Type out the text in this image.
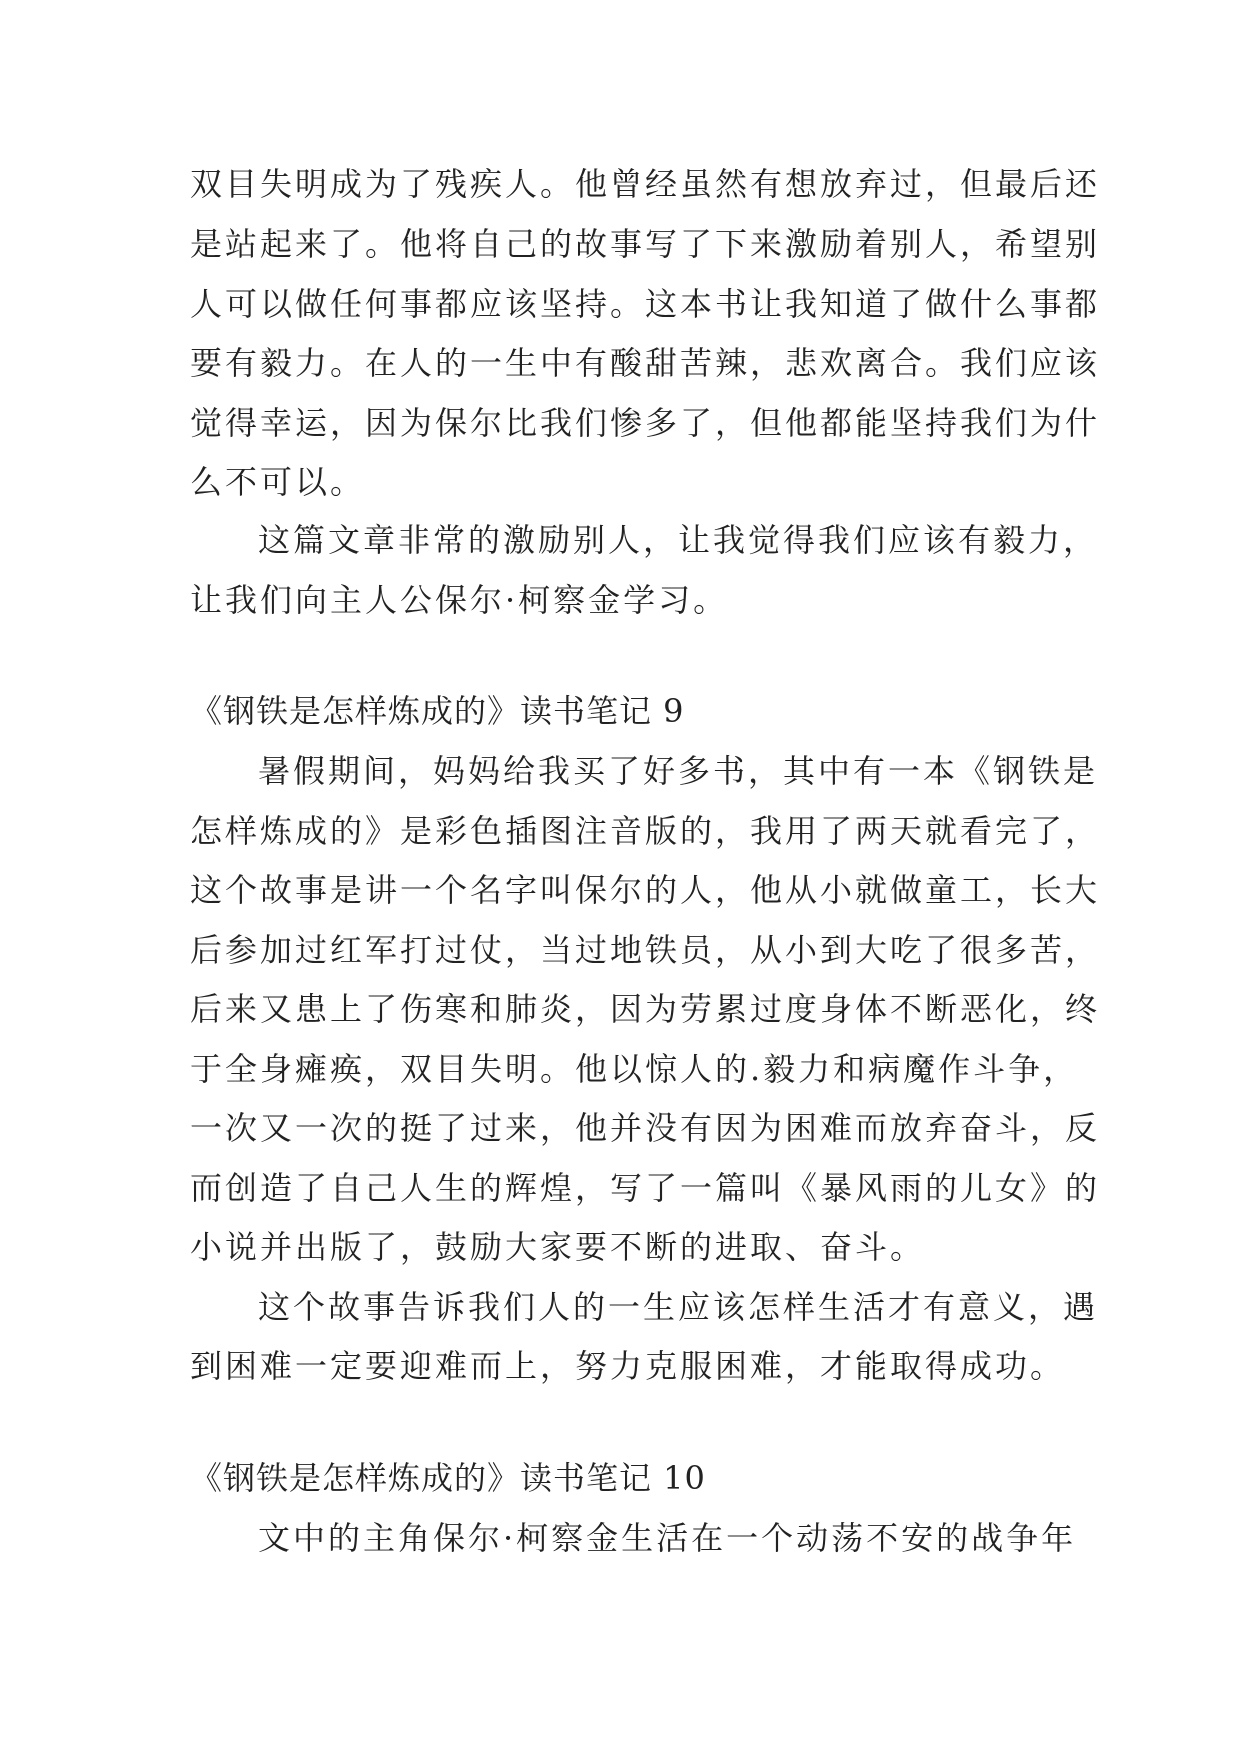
双目失明成为了残疾人。他曾经虽然有想放弃过，但最后还

是站起来了。他将自己的故事写了下来激励着别人，希望别

人可以做任何事都应该坚持。这本书让我知道了做什么事都

要有毅力。在人的一生中有酸甜苦辣，悲欢离合。我们应该

觉得幸运，因为保尔比我们惨多了，但他都能坚持我们为什

么不可以。

这篇文章非常的激励别人，让我觉得我们应该有毅力，

让我们向主人公保尔·柯察金学习。

《钢铁是怎样炼成的》读书笔记 9

暑假期间，妈妈给我买了好多书，其中有一本《钢铁是

怎样炼成的》是彩色插图注音版的，我用了两天就看完了，

这个故事是讲一个名字叫保尔的人，他从小就做童工，长大

后参加过红军打过仗，当过地铁员，从小到大吃了很多苦，

后来又患上了伤寒和肺炎，因为劳累过度身体不断恶化，终

于全身瘫痪，双目失明。他以惊人的.毅力和病魔作斗争，

一次又一次的挺了过来，他并没有因为困难而放弃奋斗，反

而创造了自己人生的辉煌，写了一篇叫《暴风雨的儿女》的

小说并出版了，鼓励大家要不断的进取、奋斗。

这个故事告诉我们人的一生应该怎样生活才有意义，遇

到困难一定要迎难而上，努力克服困难，才能取得成功。

《钢铁是怎样炼成的》读书笔记 10

文中的主角保尔·柯察金生活在一个动荡不安的战争年
